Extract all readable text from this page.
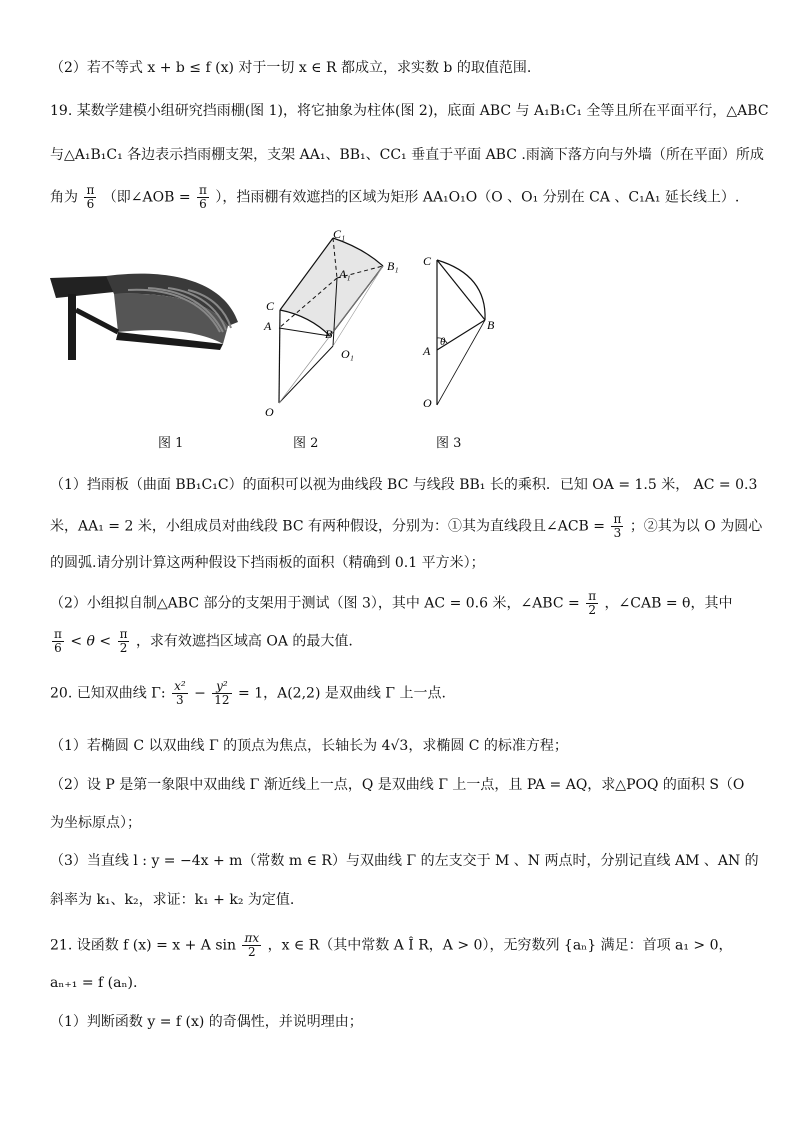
（2）若不等式 x + b ≤ f (x) 对于一切 x ∈ R 都成立，求实数 b 的取值范围.
19. 某数学建模小组研究挡雨棚(图 1)，将它抽象为柱体(图 2)，底面 ABC 与 A₁B₁C₁ 全等且所在平面平行，△ABC
与△A₁B₁C₁ 各边表示挡雨棚支架，支架 AA₁、BB₁、CC₁ 垂直于平面 ABC .雨滴下落方向与外墙（所在平面）所成
角为 $\frac{\pi}{6}$ （即∠AOB = $\frac{\pi}{6}$ ），挡雨棚有效遮挡的区域为矩形 AA₁O₁O（O 、O₁ 分别在 CA 、C₁A₁ 延长线上）.
C₁
A₁
B₁
C
A
B
O₁
O
C
B
A
θ
O
图 1	图 2	图 3
（1）挡雨板（曲面 BB₁C₁C）的面积可以视为曲线段 BC 与线段 BB₁ 长的乘积．已知 OA = 1.5 米， AC = 0.3
米，AA₁ = 2 米，小组成员对曲线段 BC 有两种假设，分别为：①其为直线段且∠ACB = $\frac{\pi}{3}$ ；②其为以 O 为圆心
的圆弧.请分别计算这两种假设下挡雨板的面积（精确到 0.1 平方米）；
（2）小组拟自制△ABC 部分的支架用于测试（图 3），其中 AC = 0.6 米，∠ABC = $\frac{\pi}{2}$ ，∠CAB = θ，其中
$\frac{\pi}{6} < \theta < \frac{\pi}{2}$ ，求有效遮挡区域高 OA 的最大值.
20. 已知双曲线 Γ: $\frac{\text{x²}}{3} - \frac{\text{y²}}{12} = 1$，A(2,2) 是双曲线 Γ 上一点.
（1）若椭圆 C 以双曲线 Γ 的顶点为焦点，长轴长为 4√3，求椭圆 C 的标准方程；
（2）设 P 是第一象限中双曲线 Γ 渐近线上一点，Q 是双曲线 Γ 上一点，且 PA = AQ，求△POQ 的面积 S（O
为坐标原点）；
（3）当直线 l : y = −4x + m（常数 m ∈ R）与双曲线 Γ 的左支交于 M 、N 两点时，分别记直线 AM 、AN 的
斜率为 k₁、k₂，求证：k₁ + k₂ 为定值.
21. 设函数 f (x) = x + A $\sin \frac{\pi x}{2}$ ，x ∈ R（其中常数 A Î R，A > 0），无穷数列 {aₙ} 满足：首项 a₁ > 0，
aₙ₊₁ = f (aₙ).
（1）判断函数 y = f (x) 的奇偶性，并说明理由；
